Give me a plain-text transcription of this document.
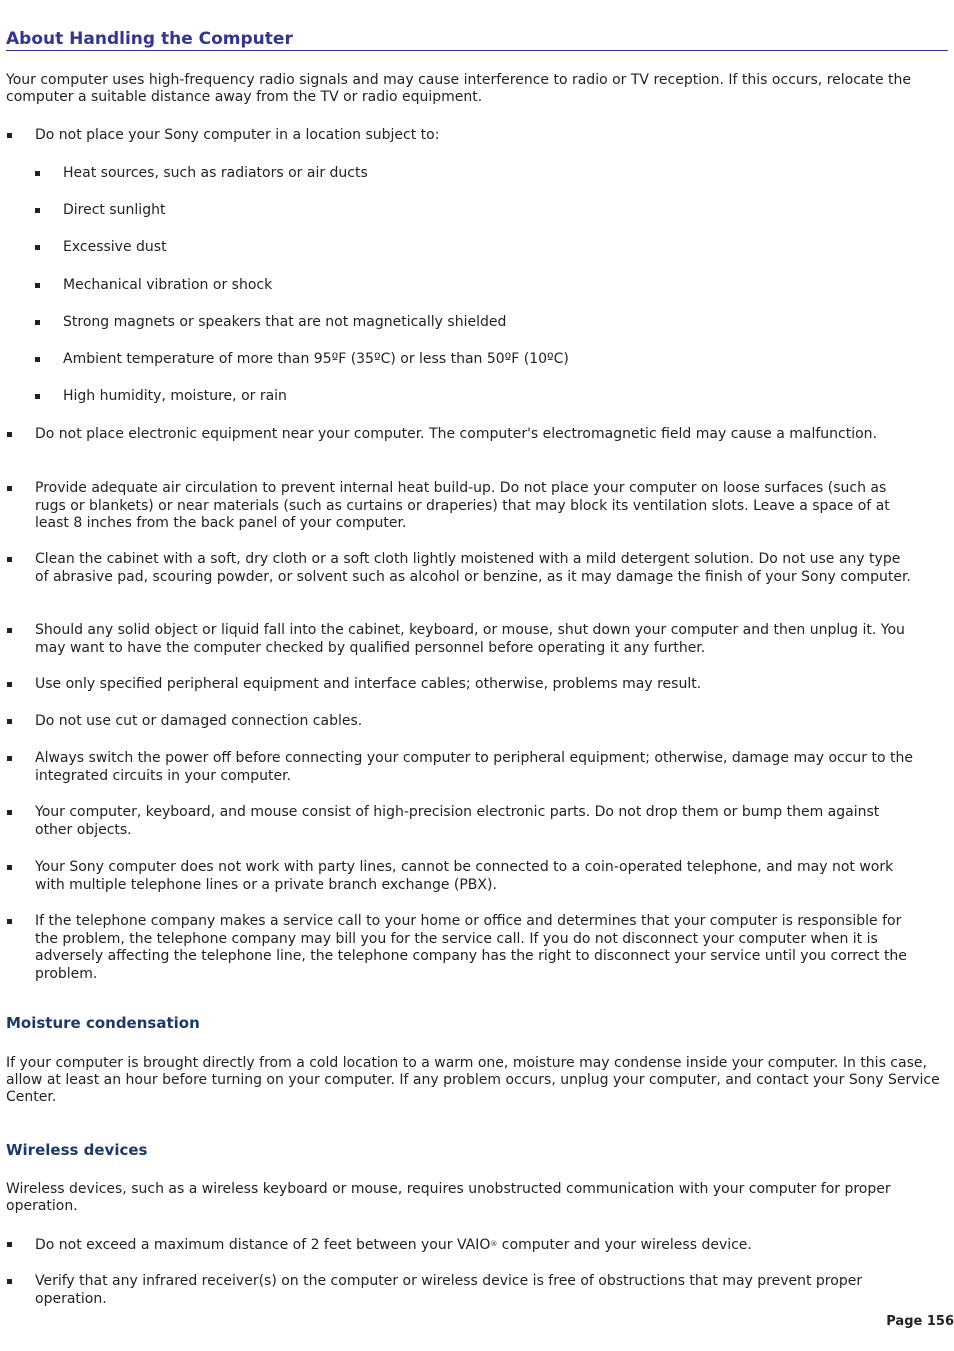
About Handling the Computer

Your computer uses high-frequency radio signals and may cause interference to radio or TV reception. If this occurs, relocate the computer a suitable distance away from the TV or radio equipment.

Do not place your Sony computer in a location subject to:
Heat sources, such as radiators or air ducts
Direct sunlight
Excessive dust
Mechanical vibration or shock
Strong magnets or speakers that are not magnetically shielded
Ambient temperature of more than 95ºF (35ºC) or less than 50ºF (10ºC)
High humidity, moisture, or rain
Do not place electronic equipment near your computer. The computer's electromagnetic field may cause a malfunction.
Provide adequate air circulation to prevent internal heat build-up. Do not place your computer on loose surfaces (such as rugs or blankets) or near materials (such as curtains or draperies) that may block its ventilation slots. Leave a space of at least 8 inches from the back panel of your computer.
Clean the cabinet with a soft, dry cloth or a soft cloth lightly moistened with a mild detergent solution. Do not use any type of abrasive pad, scouring powder, or solvent such as alcohol or benzine, as it may damage the finish of your Sony computer.
Should any solid object or liquid fall into the cabinet, keyboard, or mouse, shut down your computer and then unplug it. You may want to have the computer checked by qualified personnel before operating it any further.
Use only specified peripheral equipment and interface cables; otherwise, problems may result.
Do not use cut or damaged connection cables.
Always switch the power off before connecting your computer to peripheral equipment; otherwise, damage may occur to the integrated circuits in your computer.
Your computer, keyboard, and mouse consist of high-precision electronic parts. Do not drop them or bump them against other objects.
Your Sony computer does not work with party lines, cannot be connected to a coin-operated telephone, and may not work with multiple telephone lines or a private branch exchange (PBX).
If the telephone company makes a service call to your home or office and determines that your computer is responsible for the problem, the telephone company may bill you for the service call. If you do not disconnect your computer when it is adversely affecting the telephone line, the telephone company has the right to disconnect your service until you correct the problem.
Moisture condensation

If your computer is brought directly from a cold location to a warm one, moisture may condense inside your computer. In this case, allow at least an hour before turning on your computer. If any problem occurs, unplug your computer, and contact your Sony Service Center.

Wireless devices

Wireless devices, such as a wireless keyboard or mouse, requires unobstructed communication with your computer for proper operation.

Do not exceed a maximum distance of 2 feet between your VAIO® computer and your wireless device.
Verify that any infrared receiver(s) on the computer or wireless device is free of obstructions that may prevent proper operation.
Page 156
